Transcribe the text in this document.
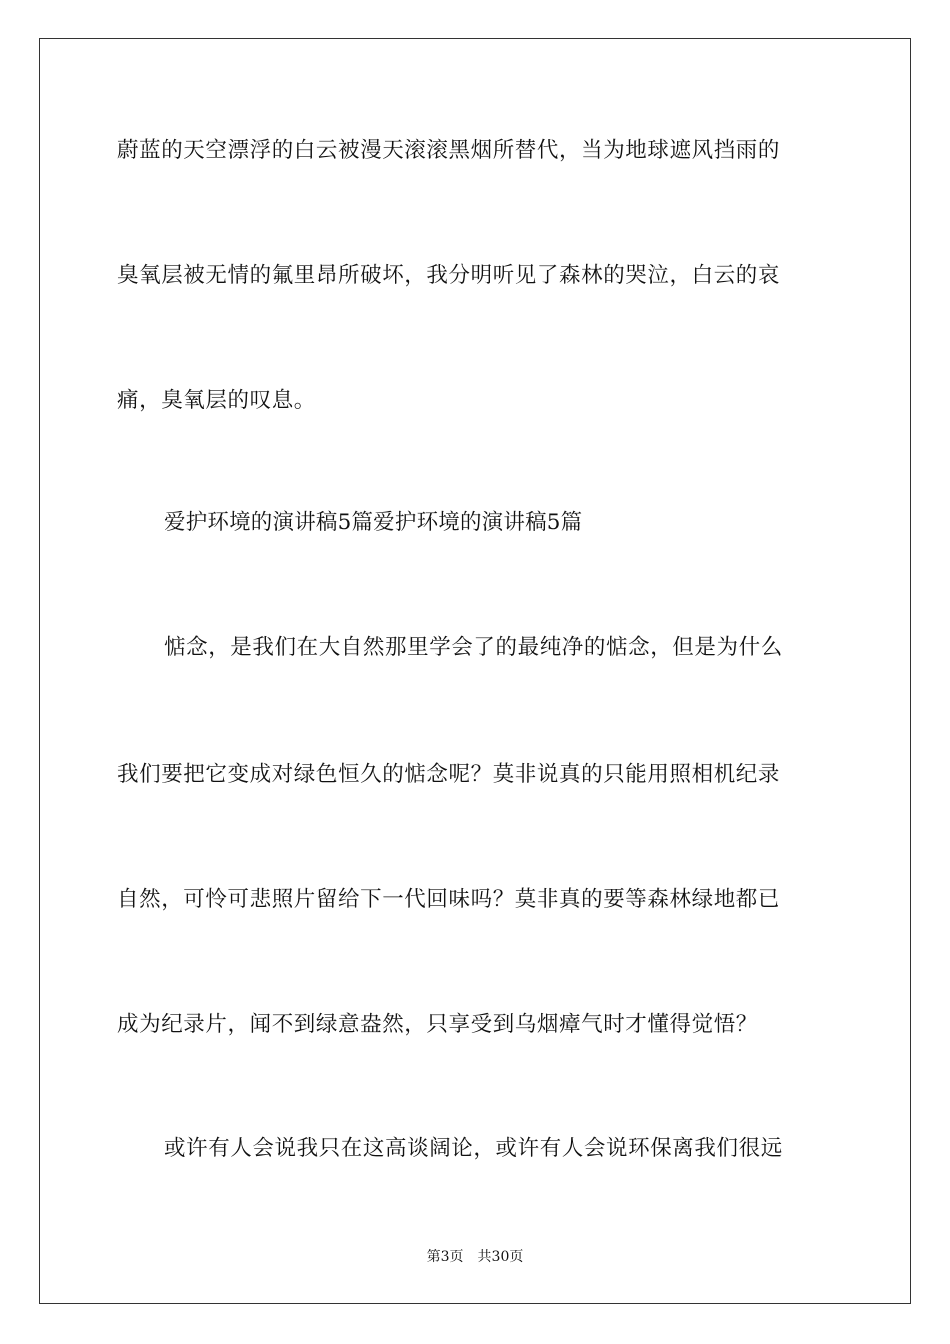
蔚蓝的天空漂浮的白云被漫天滚滚黑烟所替代，当为地球遮风挡雨的
臭氧层被无情的氟里昂所破坏，我分明听见了森林的哭泣，白云的哀
痛，臭氧层的叹息。
爱护环境的演讲稿5篇爱护环境的演讲稿5篇
惦念，是我们在大自然那里学会了的最纯净的惦念，但是为什么
我们要把它变成对绿色恒久的惦念呢？莫非说真的只能用照相机纪录
自然，可怜可悲照片留给下一代回味吗？莫非真的要等森林绿地都已
成为纪录片，闻不到绿意盎然，只享受到乌烟瘴气时才懂得觉悟？
或许有人会说我只在这高谈阔论，或许有人会说环保离我们很远
第3页 共30页
